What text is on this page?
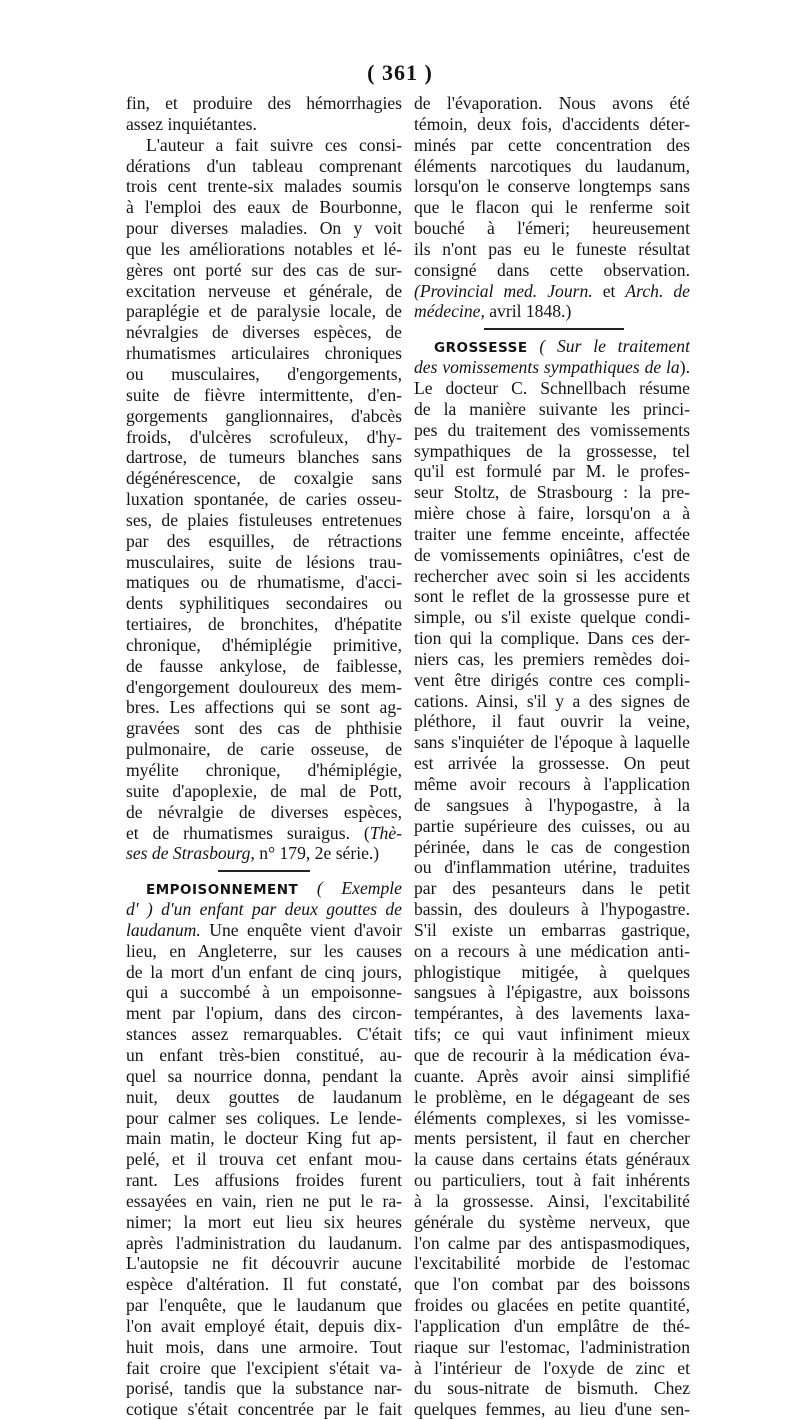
( 361 )
fin, et produire des hémorrhagies
assez inquiétantes.
L'auteur a fait suivre ces consi-
dérations d'un tableau comprenant
trois cent trente-six malades soumis
à l'emploi des eaux de Bourbonne,
pour diverses maladies. On y voit
que les améliorations notables et lé-
gères ont porté sur des cas de sur-
excitation nerveuse et générale, de
paraplégie et de paralysie locale, de
névralgies de diverses espèces, de
rhumatismes articulaires chroniques
ou musculaires, d'engorgements,
suite de fièvre intermittente, d'en-
gorgements ganglionnaires, d'abcès
froids, d'ulcères scrofuleux, d'hy-
dartrose, de tumeurs blanches sans
dégénérescence, de coxalgie sans
luxation spontanée, de caries osseu-
ses, de plaies fistuleuses entretenues
par des esquilles, de rétractions
musculaires, suite de lésions trau-
matiques ou de rhumatisme, d'acci-
dents syphilitiques secondaires ou
tertiaires, de bronchites, d'hépatite
chronique, d'hémiplégie primitive,
de fausse ankylose, de faiblesse,
d'engorgement douloureux des mem-
bres. Les affections qui se sont ag-
gravées sont des cas de phthisie
pulmonaire, de carie osseuse, de
myélite chronique, d'hémiplégie,
suite d'apoplexie, de mal de Pott,
de névralgie de diverses espèces,
et de rhumatismes suraigus. (Thè-
ses de Strasbourg, n° 179, 2e série.)
EMPOISONNEMENT ( Exemple
d' ) d'un enfant par deux gouttes de
laudanum. Une enquête vient d'avoir
lieu, en Angleterre, sur les causes
de la mort d'un enfant de cinq jours,
qui a succombé à un empoisonne-
ment par l'opium, dans des circon-
stances assez remarquables. C'était
un enfant très-bien constitué, au-
quel sa nourrice donna, pendant la
nuit, deux gouttes de laudanum
pour calmer ses coliques. Le lende-
main matin, le docteur King fut ap-
pelé, et il trouva cet enfant mou-
rant. Les affusions froides furent
essayées en vain, rien ne put le ra-
nimer; la mort eut lieu six heures
après l'administration du laudanum.
L'autopsie ne fit découvrir aucune
espèce d'altération. Il fut constaté,
par l'enquête, que le laudanum que
l'on avait employé était, depuis dix-
huit mois, dans une armoire. Tout
fait croire que l'excipient s'était va-
porisé, tandis que la substance nar-
cotique s'était concentrée par le fait
de l'évaporation. Nous avons été
témoin, deux fois, d'accidents déter-
minés par cette concentration des
éléments narcotiques du laudanum,
lorsqu'on le conserve longtemps sans
que le flacon qui le renferme soit
bouché à l'émeri; heureusement
ils n'ont pas eu le funeste résultat
consigné dans cette observation.
(Provincial med. Journ. et Arch. de
médecine, avril 1848.)
GROSSESSE ( Sur le traitement
des vomissements sympathiques de la).
Le docteur C. Schnellbach résume
de la manière suivante les princi-
pes du traitement des vomissements
sympathiques de la grossesse, tel
qu'il est formulé par M. le profes-
seur Stoltz, de Strasbourg : la pre-
mière chose à faire, lorsqu'on a à
traiter une femme enceinte, affectée
de vomissements opiniâtres, c'est de
rechercher avec soin si les accidents
sont le reflet de la grossesse pure et
simple, ou s'il existe quelque condi-
tion qui la complique. Dans ces der-
niers cas, les premiers remèdes doi-
vent être dirigés contre ces compli-
cations. Ainsi, s'il y a des signes de
pléthore, il faut ouvrir la veine,
sans s'inquiéter de l'époque à laquelle
est arrivée la grossesse. On peut
même avoir recours à l'application
de sangsues à l'hypogastre, à la
partie supérieure des cuisses, ou au
périnée, dans le cas de congestion
ou d'inflammation utérine, traduites
par des pesanteurs dans le petit
bassin, des douleurs à l'hypogastre.
S'il existe un embarras gastrique,
on a recours à une médication anti-
phlogistique mitigée, à quelques
sangsues à l'épigastre, aux boissons
tempérantes, à des lavements laxa-
tifs; ce qui vaut infiniment mieux
que de recourir à la médication éva-
cuante. Après avoir ainsi simplifié
le problème, en le dégageant de ses
éléments complexes, si les vomisse-
ments persistent, il faut en chercher
la cause dans certains états généraux
ou particuliers, tout à fait inhérents
à la grossesse. Ainsi, l'excitabilité
générale du système nerveux, que
l'on calme par des antispasmodiques,
l'excitabilité morbide de l'estomac
que l'on combat par des boissons
froides ou glacées en petite quantité,
l'application d'un emplâtre de thé-
riaque sur l'estomac, l'administration
à l'intérieur de l'oxyde de zinc et
du sous-nitrate de bismuth. Chez
quelques femmes, au lieu d'une sen-
